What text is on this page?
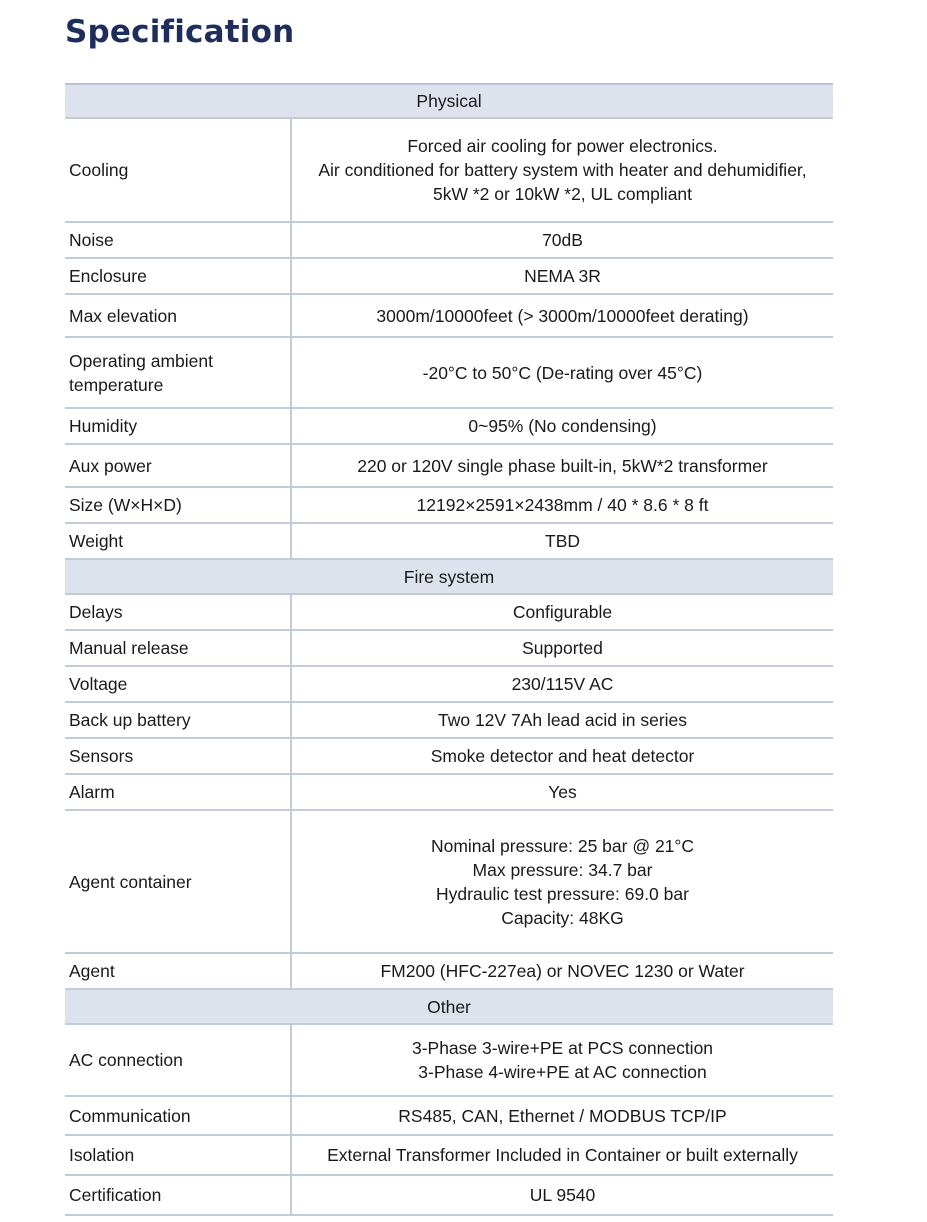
Specification
Physical	
Cooling	Forced air cooling for power electronics.
Air conditioned for battery system with heater and dehumidifier,
5kW *2 or 10kW *2, UL compliant

Noise	70dB

Enclosure	NEMA 3R

Max elevation	3000m/10000feet (> 3000m/10000feet derating)

Operating ambient temperature	-20°C to 50°C (De-rating over 45°C)

Humidity	0~95% (No condensing)

Aux power	220 or 120V single phase built-in, 5kW*2 transformer

Size (W×H×D)	12192×2591×2438mm / 40 * 8.6 * 8 ft

Weight	TBD

Fire system	
Delays	Configurable

Manual release	Supported

Voltage	230/115V AC

Back up battery	Two 12V 7Ah lead acid in series

Sensors	Smoke detector and heat detector

Alarm	Yes

Agent container	Nominal pressure: 25 bar @ 21°C
Max pressure: 34.7 bar
Hydraulic test pressure: 69.0 bar
Capacity: 48KG

Agent	FM200 (HFC-227ea) or NOVEC 1230 or Water

Other	
AC connection	3-Phase 3-wire+PE at PCS connection
3-Phase 4-wire+PE at AC connection

Communication	RS485, CAN, Ethernet / MODBUS TCP/IP

Isolation	External Transformer Included in Container or built externally

Certification	UL 9540
